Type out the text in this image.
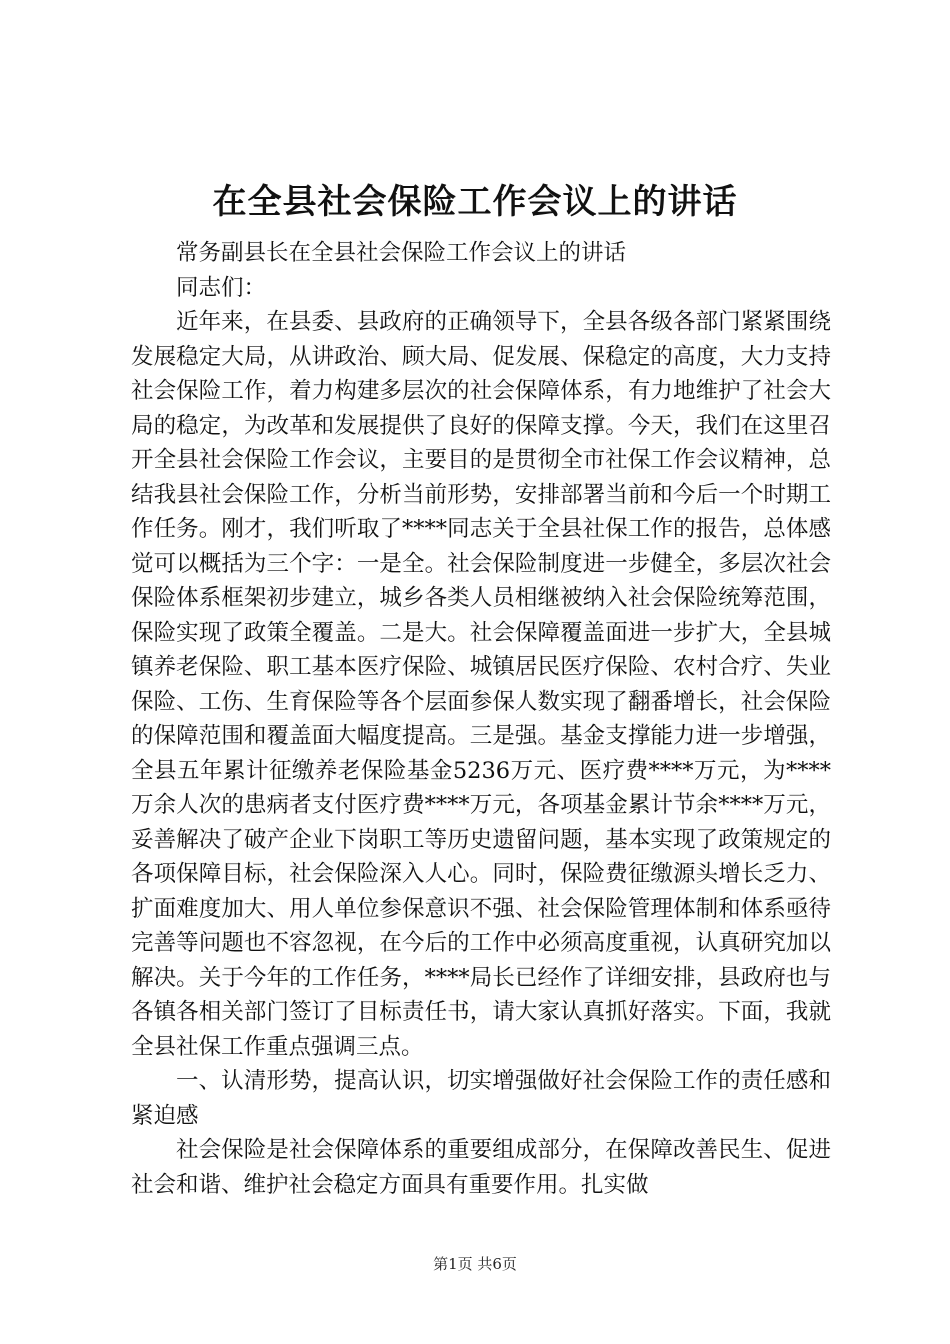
在全县社会保险工作会议上的讲话

常务副县长在全县社会保险工作会议上的讲话

同志们：

近年来，在县委、县政府的正确领导下，全县各级各部门紧紧围绕发展稳定大局，从讲政治、顾大局、促发展、保稳定的高度，大力支持社会保险工作，着力构建多层次的社会保障体系，有力地维护了社会大局的稳定，为改革和发展提供了良好的保障支撑。今天，我们在这里召开全县社会保险工作会议，主要目的是贯彻全市社保工作会议精神，总结我县社会保险工作，分析当前形势，安排部署当前和今后一个时期工作任务。刚才，我们听取了****同志关于全县社保工作的报告，总体感觉可以概括为三个字：一是全。社会保险制度进一步健全，多层次社会保险体系框架初步建立，城乡各类人员相继被纳入社会保险统筹范围，保险实现了政策全覆盖。二是大。社会保障覆盖面进一步扩大，全县城镇养老保险、职工基本医疗保险、城镇居民医疗保险、农村合疗、失业保险、工伤、生育保险等各个层面参保人数实现了翻番增长，社会保险的保障范围和覆盖面大幅度提高。三是强。基金支撑能力进一步增强，全县五年累计征缴养老保险基金5236万元、医疗费****万元，为****万余人次的患病者支付医疗费****万元，各项基金累计节余****万元，妥善解决了破产企业下岗职工等历史遗留问题，基本实现了政策规定的各项保障目标，社会保险深入人心。同时，保险费征缴源头增长乏力、扩面难度加大、用人单位参保意识不强、社会保险管理体制和体系亟待完善等问题也不容忽视，在今后的工作中必须高度重视，认真研究加以解决。关于今年的工作任务，****局长已经作了详细安排，县政府也与各镇各相关部门签订了目标责任书，请大家认真抓好落实。下面，我就全县社保工作重点强调三点。

一、认清形势，提高认识，切实增强做好社会保险工作的责任感和紧迫感

社会保险是社会保障体系的重要组成部分，在保障改善民生、促进社会和谐、维护社会稳定方面具有重要作用。扎实做

第1页 共6页
